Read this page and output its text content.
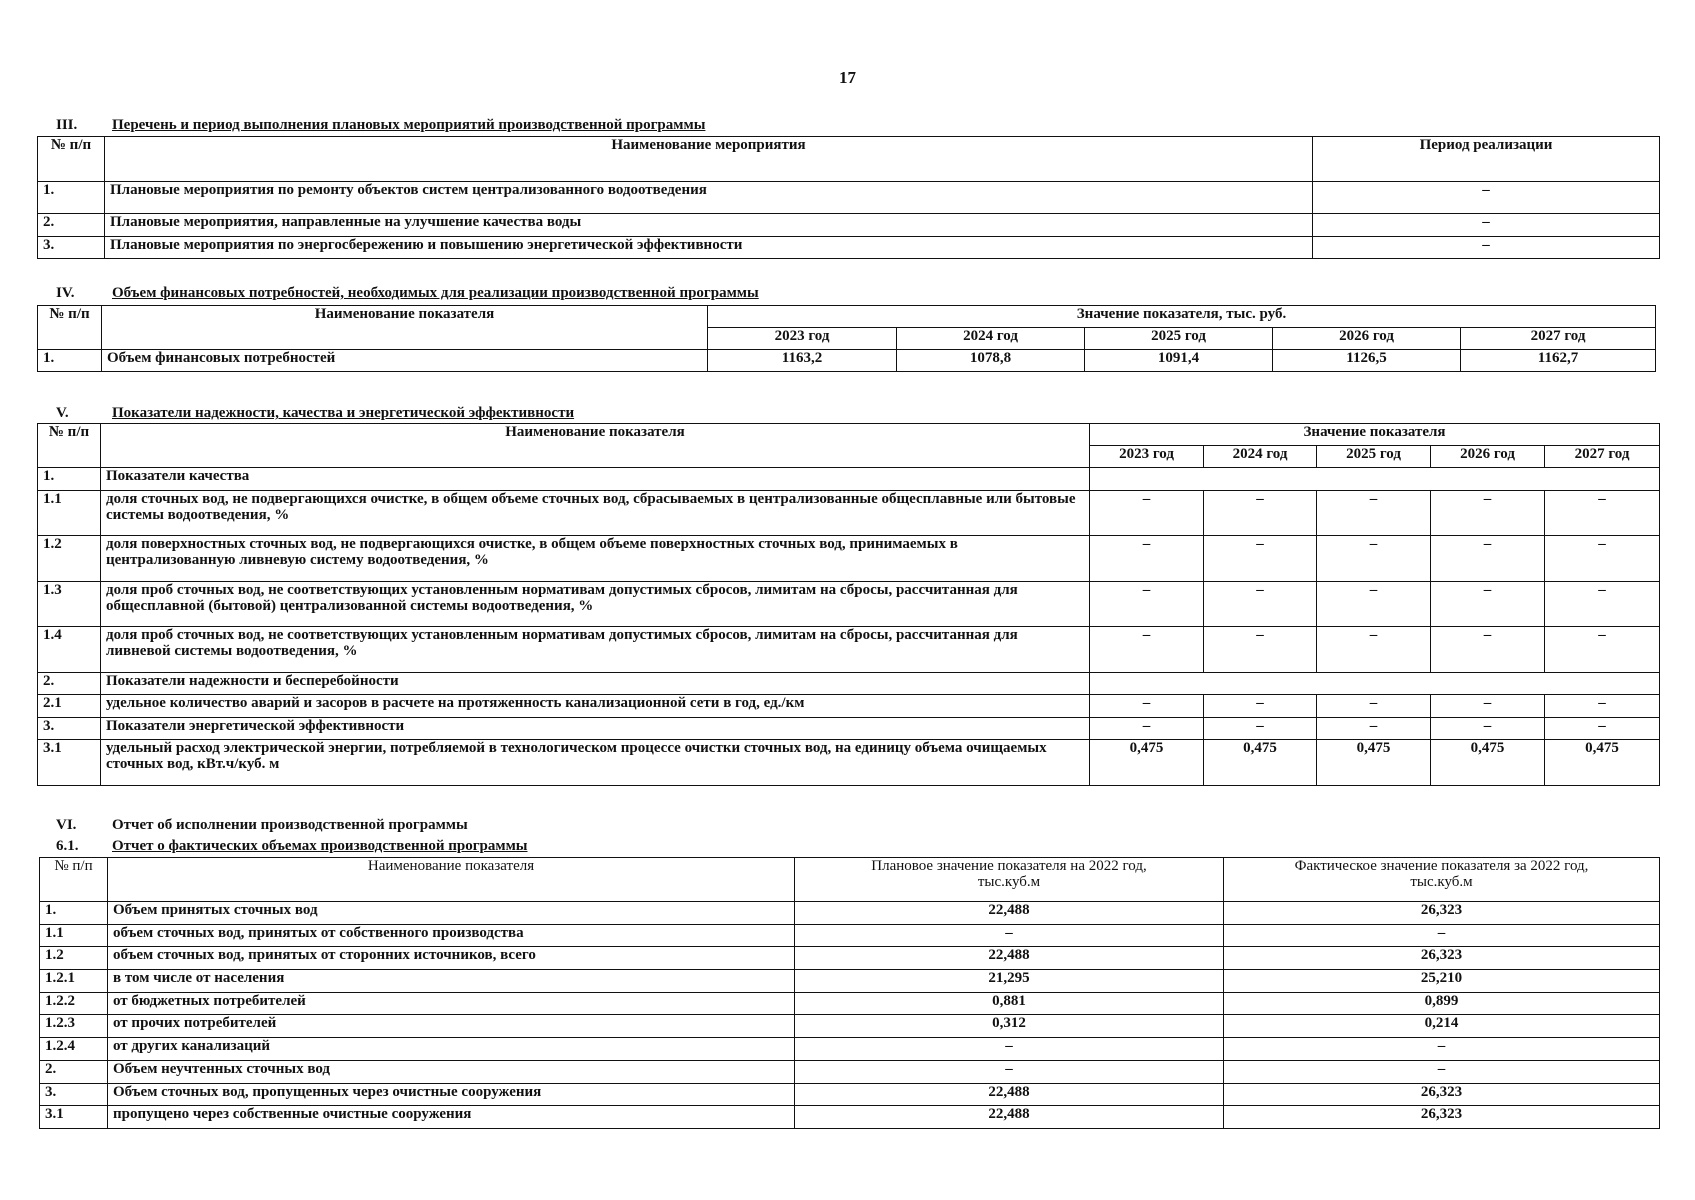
17
III. Перечень и период выполнения плановых мероприятий производственной программы
№ п/п	Наименование мероприятия	Период реализации
1.	Плановые мероприятия по ремонту объектов систем централизованного водоотведения	–
2.	Плановые мероприятия, направленные на улучшение качества воды	–
3.	Плановые мероприятия по энергосбережению и повышению энергетической эффективности	–
IV.	Объем финансовых потребностей, необходимых для реализации производственной программы
№ п/п	Наименование показателя	Значение показателя, тыс. руб.				
		2023 год	2024 год	2025 год	2026 год	2027 год
1.	Объем финансовых потребностей	1163,2	1078,8	1091,4	1126,5	1162,7
V.	Показатели надежности, качества и энергетической эффективности
№ п/п	Наименование показателя	Значение показателя				
		2023 год	2024 год	2025 год	2026 год	2027 год
1.	Показатели качества					
1.1	доля сточных вод, не подвергающихся очистке, в общем объеме сточных вод, сбрасываемых в централизованные общесплавные или бытовые системы водоотведения, %	–	–	–	–	–
1.2	доля поверхностных сточных вод, не подвергающихся очистке, в общем объеме поверхностных сточных вод, принимаемых в централизованную ливневую систему водоотведения, %	–	–	–	–	–
1.3	доля проб сточных вод, не соответствующих установленным нормативам допустимых сбросов, лимитам на сбросы, рассчитанная для общесплавной (бытовой) централизованной системы водоотведения, %	–	–	–	–	–
1.4	доля проб сточных вод, не соответствующих установленным нормативам допустимых сбросов, лимитам на сбросы, рассчитанная для ливневой системы водоотведения, %	–	–	–	–	–
2.	Показатели надежности и бесперебойности					
2.1	удельное количество аварий и засоров в расчете на протяженность канализационной сети в год, ед./км	–	–	–	–	–
3.	Показатели энергетической эффективности	–	–	–	–	–
3.1	удельный расход электрической энергии, потребляемой в технологическом процессе очистки сточных вод, на единицу объема очищаемых сточных вод, кВт.ч/куб. м	0,475	0,475	0,475	0,475	0,475
VI. Отчет об исполнении производственной программы
6.1. Отчет о фактических объемах производственной программы
№ п/п	Наименование показателя	Плановое значение показателя на 2022 год, тыс.куб.м	Фактическое значение показателя за 2022 год, тыс.куб.м
1.	Объем принятых сточных вод	22,488	26,323
1.1	объем сточных вод, принятых от собственного производства	–	–
1.2	объем сточных вод, принятых от сторонних источников, всего	22,488	26,323
1.2.1	в том числе от населения	21,295	25,210
1.2.2	от бюджетных потребителей	0,881	0,899
1.2.3	от прочих потребителей	0,312	0,214
1.2.4	от других канализаций	–	–
2.	Объем неучтенных сточных вод	–	–
3.	Объем сточных вод, пропущенных через очистные сооружения	22,488	26,323
3.1	пропущено через собственные очистные сооружения	22,488	26,323
